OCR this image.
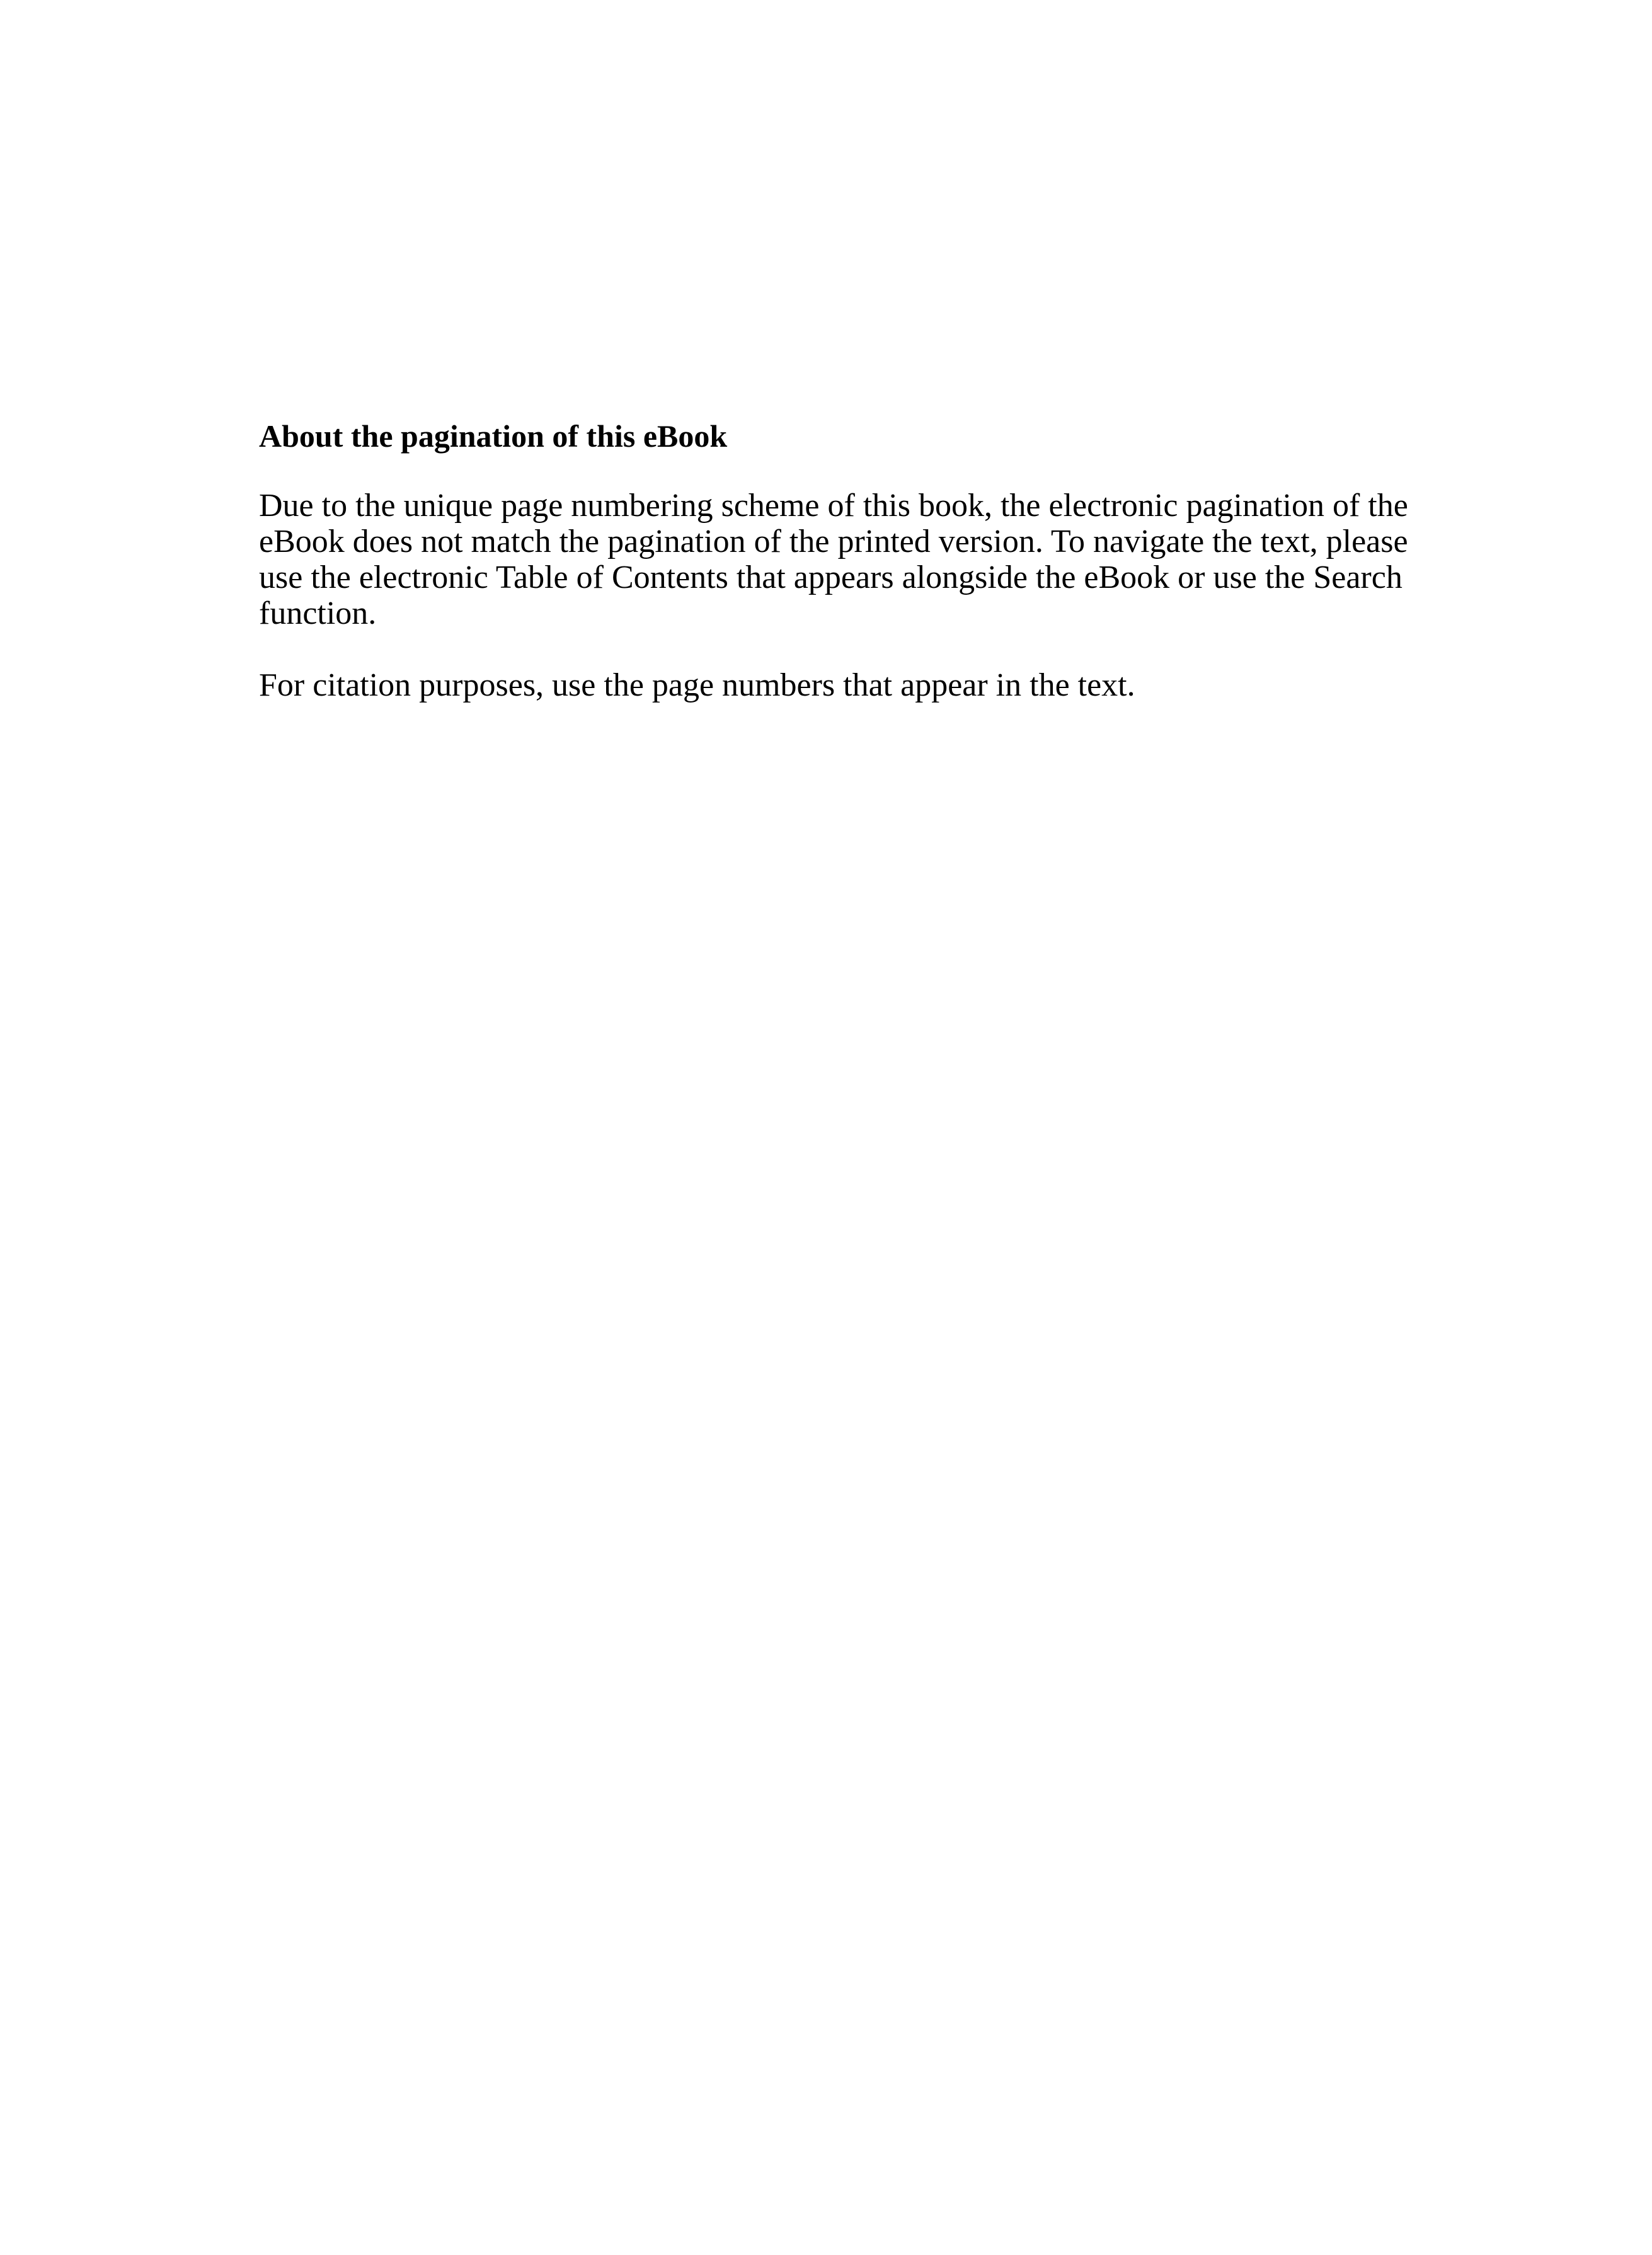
About the pagination of this eBook

Due to the unique page numbering scheme of this book, the electronic pagination of the eBook does not match the pagination of the printed version. To navigate the text, please use the electronic Table of Contents that appears alongside the eBook or use the Search function.

For citation purposes, use the page numbers that appear in the text.
